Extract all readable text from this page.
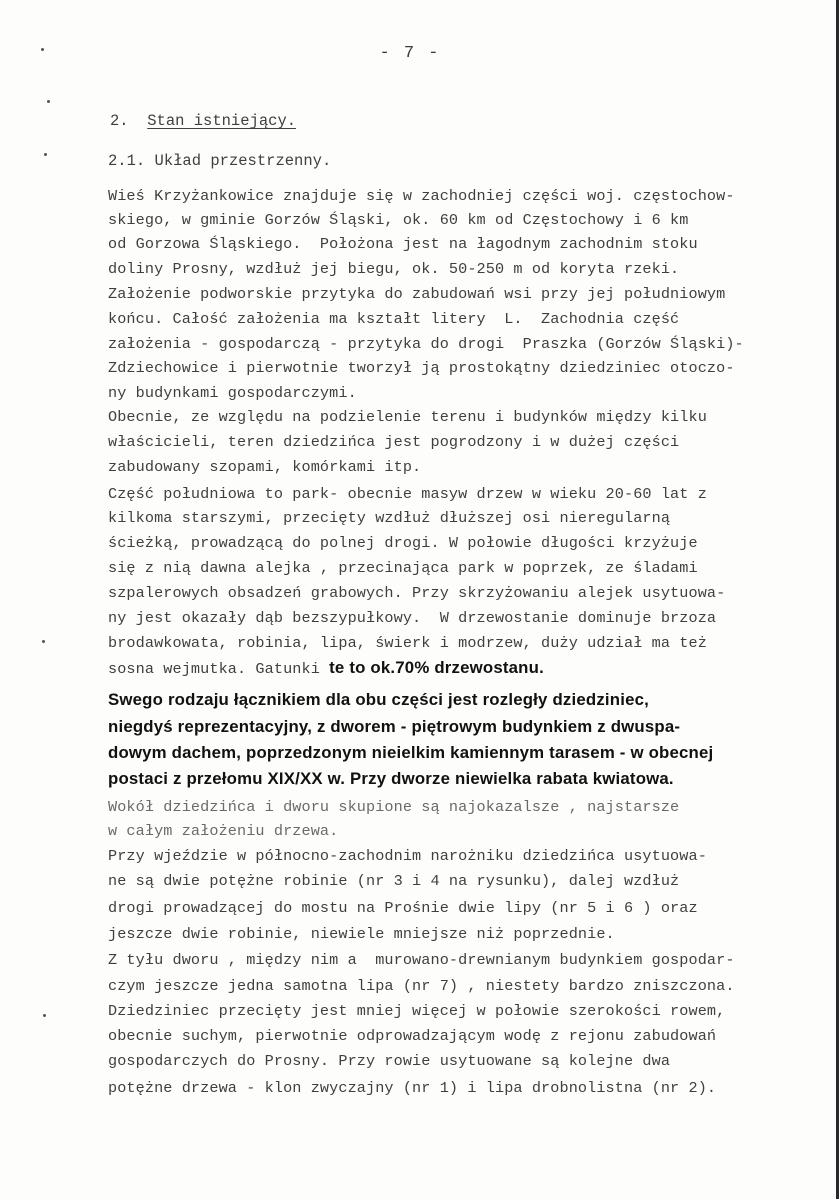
- 7 -
2. Stan istniejący.
2.1. Układ przestrzenny.
Wieś Krzyżankowice znajduje się w zachodniej części woj. częstochow-
skiego, w gminie Gorzów Śląski, ok. 60 km od Częstochowy i 6 km
od Gorzowa Śląskiego.  Położona jest na łagodnym zachodnim stoku
doliny Prosny, wzdłuż jej biegu, ok. 50-250 m od koryta rzeki.
Założenie podworskie przytyka do zabudowań wsi przy jej południowym
końcu. Całość założenia ma kształt litery  L.  Zachodnia część
założenia - gospodarczą - przytyka do drogi  Praszka (Gorzów Śląski)-
Zdziechowice i pierwotnie tworzył ją prostokątny dziedziniec otoczo-
ny budynkami gospodarczymi.
Obecnie, ze względu na podzielenie terenu i budynków między kilku
właścicieli, teren dziedzińca jest pogrodzony i w dużej części
zabudowany szopami, komórkami itp.
Część południowa to park- obecnie masyw drzew w wieku 20-60 lat z
kilkoma starszymi, przecięty wzdłuż dłuższej osi nieregularną
ścieżką, prowadzącą do polnej drogi. W połowie długości krzyżuje
się z nią dawna alejka , przecinająca park w poprzek, ze śladami
szpalerowych obsadzeń grabowych. Przy skrzyżowaniu alejek usytuowa-
ny jest okazały dąb bezszypułkowy.  W drzewostanie dominuje brzoza
brodawkowata, robinia, lipa, świerk i modrzew, duży udział ma też
sosna wejmutka. Gatunki te to ok.70% drzewostanu.
Swego rodzaju łącznikiem dla obu części jest rozległy dziedziniec,
niegdyś reprezentacyjny, z dworem - piętrowym budynkiem z dwuspa-
dowym dachem, poprzedzonym nieielkim kamiennym tarasem - w obecnej
postaci z przełomu XIX/XX w. Przy dworze niewielka rabata kwiatowa.
Wokół dziedzińca i dworu skupione są najokazalsze , najstarsze
w całym założeniu drzewa.
Przy wjeździe w północno-zachodnim narożniku dziedzińca usytuowa-
ne są dwie potężne robinie (nr 3 i 4 na rysunku), dalej wzdłuż
drogi prowadzącej do mostu na Prośnie dwie lipy (nr 5 i 6 ) oraz
jeszcze dwie robinie, niewiele mniejsze niż poprzednie.
Z tyłu dworu , między nim a  murowano-drewnianym budynkiem gospodar-
czym jeszcze jedna samotna lipa (nr 7) , niestety bardzo zniszczona.
Dziedziniec przecięty jest mniej więcej w połowie szerokości rowem,
obecnie suchym, pierwotnie odprowadzającym wodę z rejonu zabudowań
gospodarczych do Prosny. Przy rowie usytuowane są kolejne dwa
potężne drzewa - klon zwyczajny (nr 1) i lipa drobnolistna (nr 2).
